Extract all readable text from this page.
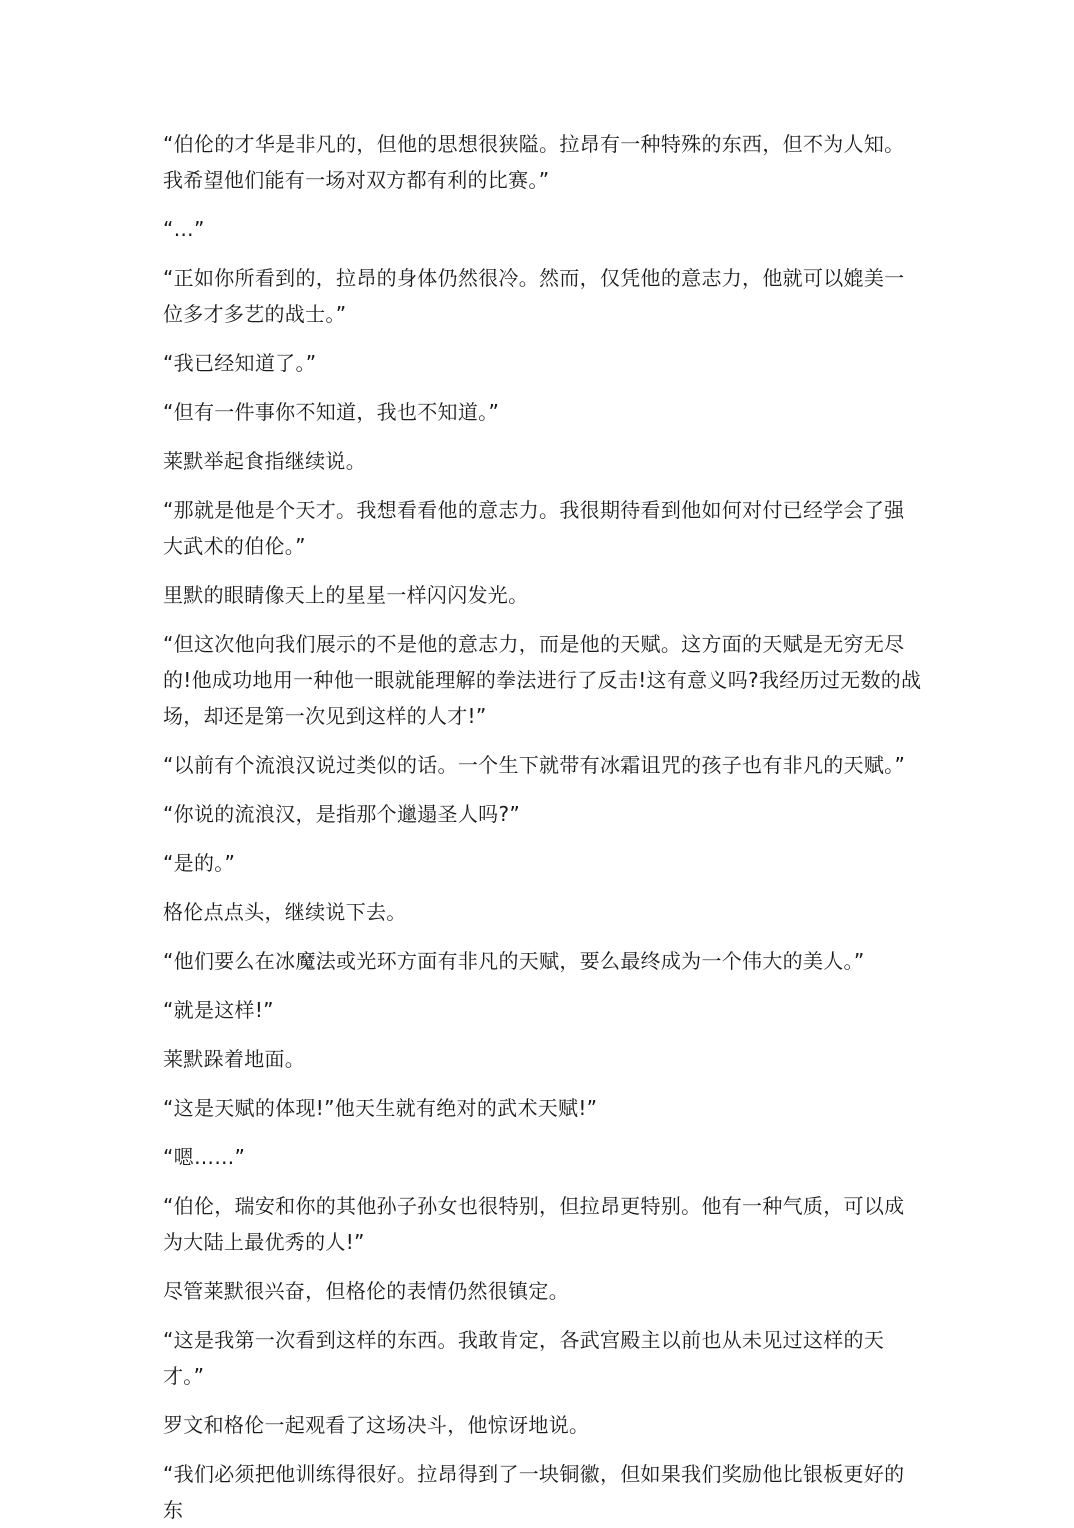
“伯伦的才华是非凡的，但他的思想很狭隘。拉昂有一种特殊的东西，但不为人知。我希望他们能有一场对双方都有利的比赛。”

“…”

“正如你所看到的，拉昂的身体仍然很冷。然而，仅凭他的意志力，他就可以媲美一位多才多艺的战士。”

“我已经知道了。”

“但有一件事你不知道，我也不知道。”

莱默举起食指继续说。

“那就是他是个天才。我想看看他的意志力。我很期待看到他如何对付已经学会了强大武术的伯伦。”

里默的眼睛像天上的星星一样闪闪发光。

“但这次他向我们展示的不是他的意志力，而是他的天赋。这方面的天赋是无穷无尽的!他成功地用一种他一眼就能理解的拳法进行了反击!这有意义吗?我经历过无数的战场，却还是第一次见到这样的人才!”

“以前有个流浪汉说过类似的话。一个生下就带有冰霜诅咒的孩子也有非凡的天赋。”

“你说的流浪汉，是指那个邋遢圣人吗?”

“是的。”

格伦点点头，继续说下去。

“他们要么在冰魔法或光环方面有非凡的天赋，要么最终成为一个伟大的美人。”

“就是这样!”

莱默跺着地面。

“这是天赋的体现!”他天生就有绝对的武术天赋!”

“嗯……”

“伯伦，瑞安和你的其他孙子孙女也很特别，但拉昂更特别。他有一种气质，可以成为大陆上最优秀的人!”

尽管莱默很兴奋，但格伦的表情仍然很镇定。

“这是我第一次看到这样的东西。我敢肯定，各武宫殿主以前也从未见过这样的天才。”

罗文和格伦一起观看了这场决斗，他惊讶地说。

“我们必须把他训练得很好。拉昂得到了一块铜徽，但如果我们奖励他比银板更好的东
